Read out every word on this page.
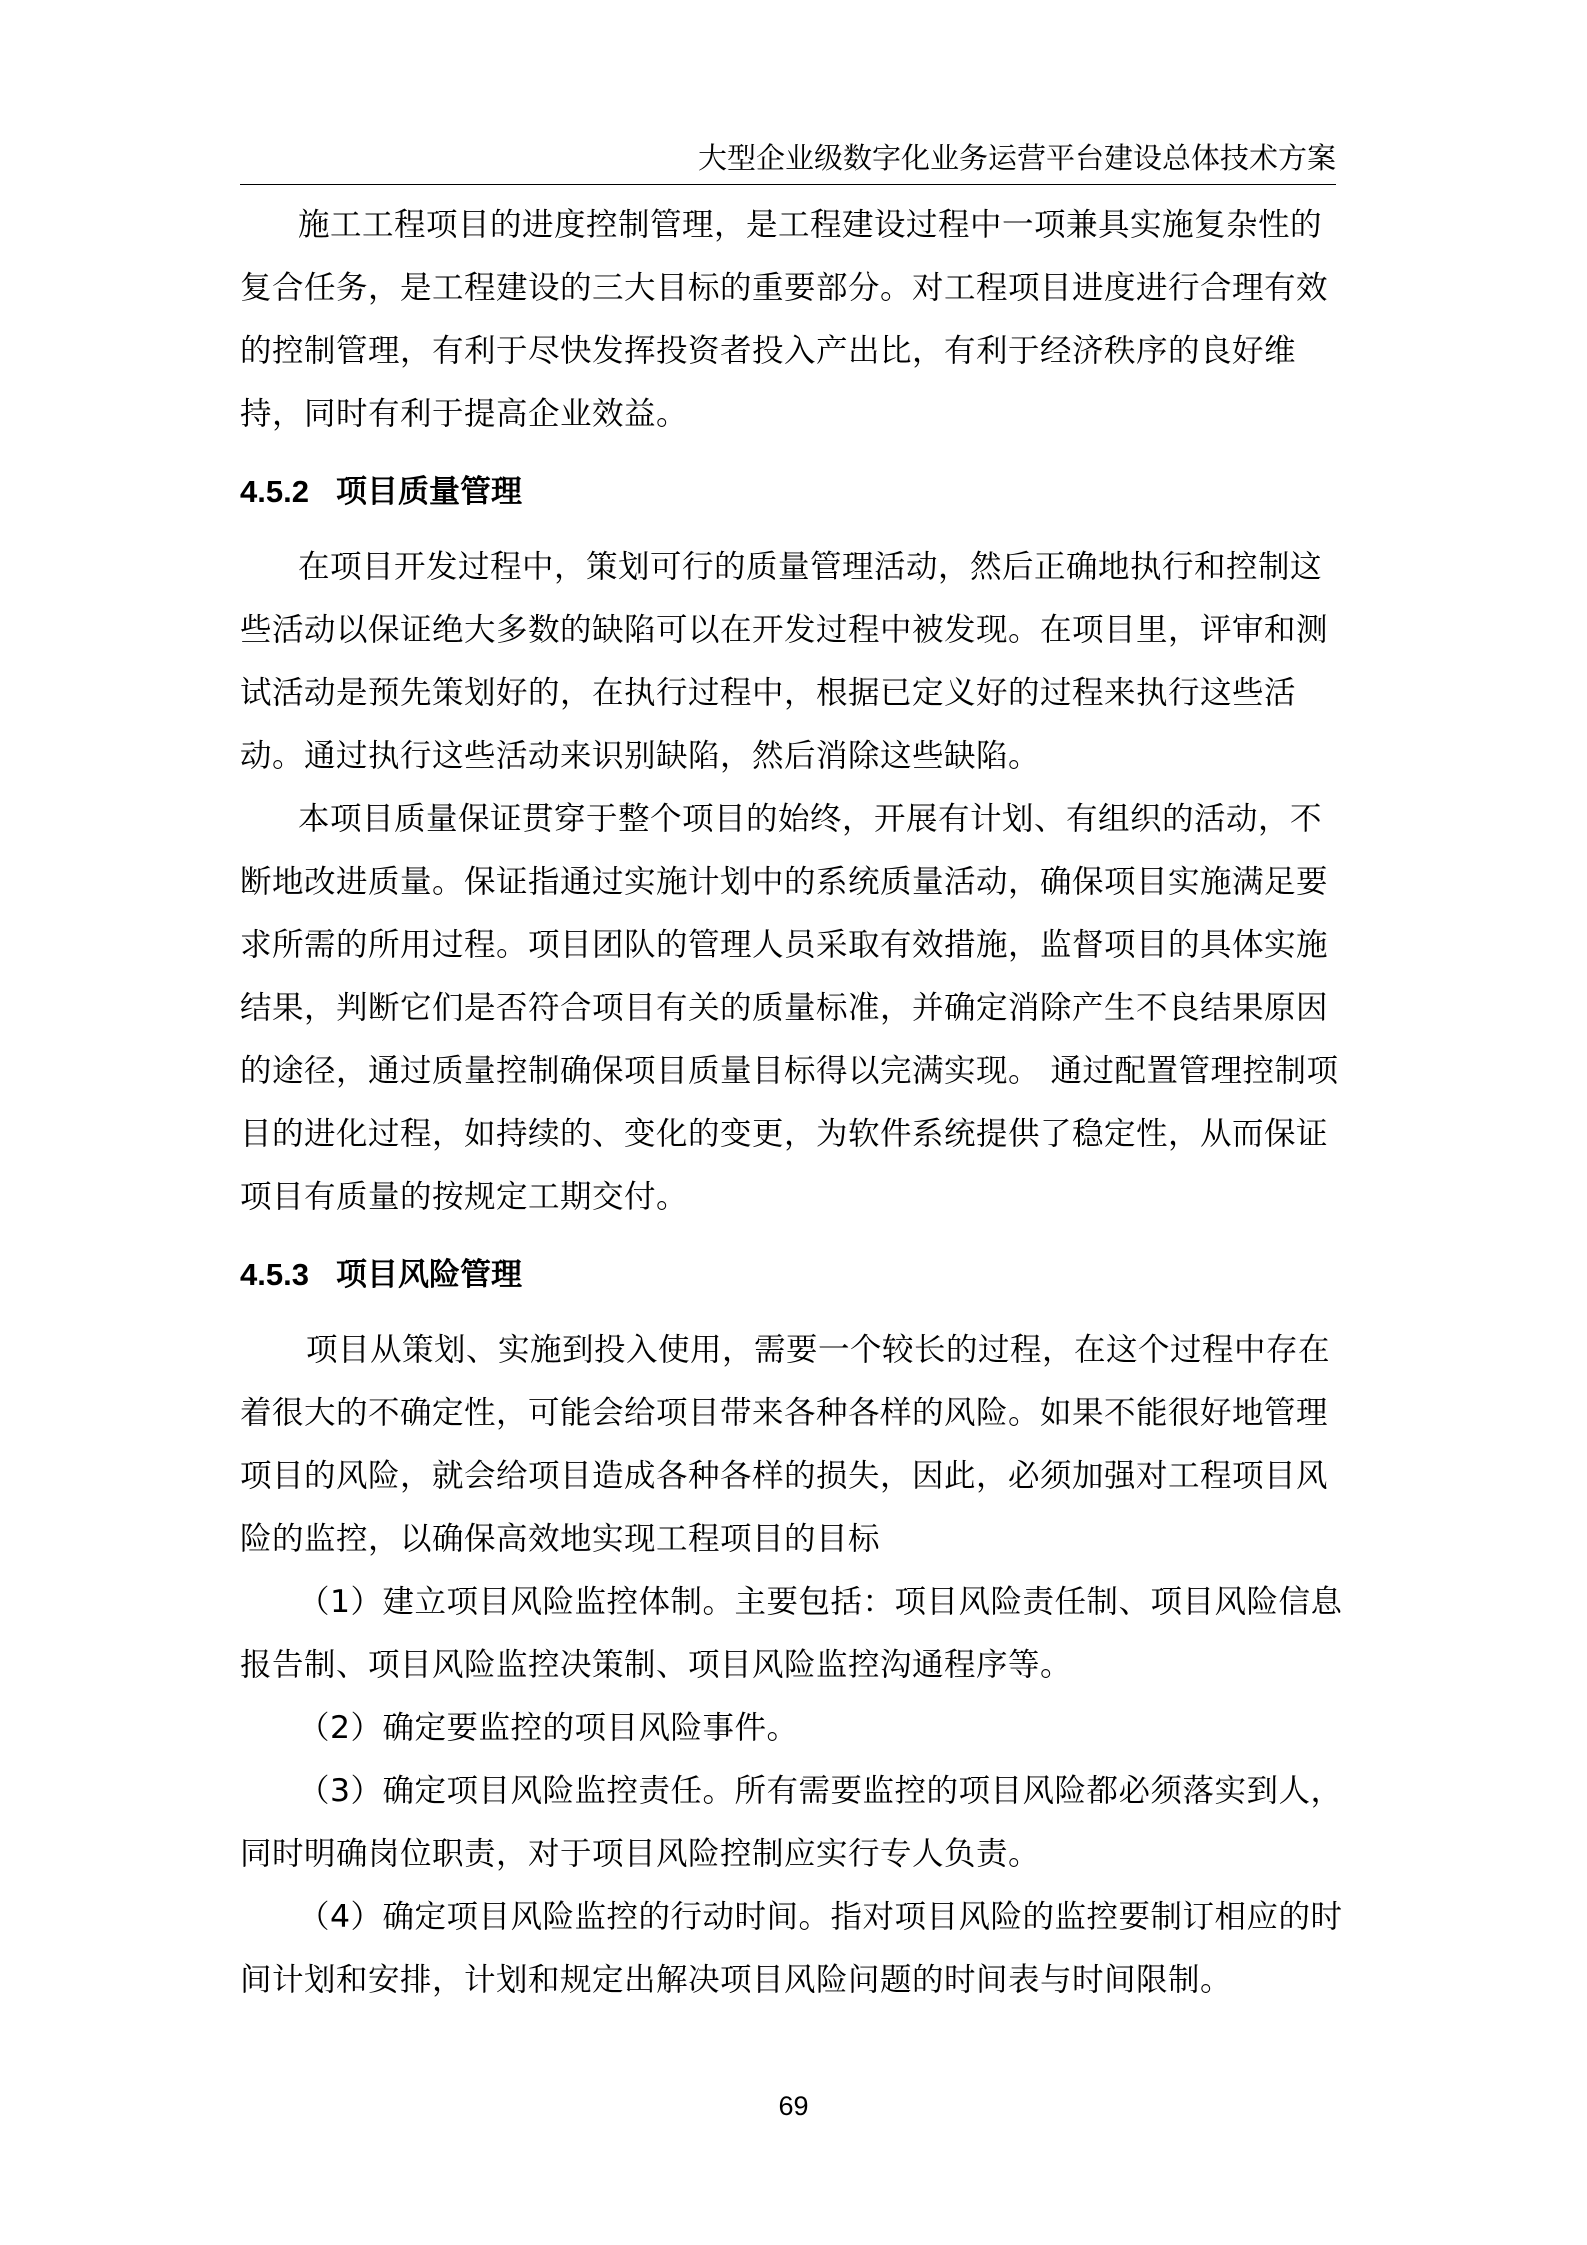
大型企业级数字化业务运营平台建设总体技术方案

施工工程项目的进度控制管理，是工程建设过程中一项兼具实施复杂性的复合任务，是工程建设的三大目标的重要部分。对工程项目进度进行合理有效的控制管理，有利于尽快发挥投资者投入产出比，有利于经济秩序的良好维持，同时有利于提高企业效益。

4.5.2 项目质量管理

在项目开发过程中，策划可行的质量管理活动，然后正确地执行和控制这些活动以保证绝大多数的缺陷可以在开发过程中被发现。在项目里，评审和测试活动是预先策划好的，在执行过程中，根据已定义好的过程来执行这些活动。通过执行这些活动来识别缺陷，然后消除这些缺陷。

本项目质量保证贯穿于整个项目的始终，开展有计划、有组织的活动，不断地改进质量。保证指通过实施计划中的系统质量活动，确保项目实施满足要求所需的所用过程。项目团队的管理人员采取有效措施，监督项目的具体实施结果，判断它们是否符合项目有关的质量标准，并确定消除产生不良结果原因的途径，通过质量控制确保项目质量目标得以完满实现。 通过配置管理控制项目的进化过程，如持续的、变化的变更，为软件系统提供了稳定性，从而保证项目有质量的按规定工期交付。

4.5.3 项目风险管理

项目从策划、实施到投入使用，需要一个较长的过程，在这个过程中存在着很大的不确定性，可能会给项目带来各种各样的风险。如果不能很好地管理项目的风险，就会给项目造成各种各样的损失，因此，必须加强对工程项目风险的监控，以确保高效地实现工程项目的目标

（1）建立项目风险监控体制。主要包括：项目风险责任制、项目风险信息报告制、项目风险监控决策制、项目风险监控沟通程序等。

（2）确定要监控的项目风险事件。

（3）确定项目风险监控责任。所有需要监控的项目风险都必须落实到人，同时明确岗位职责，对于项目风险控制应实行专人负责。

（4）确定项目风险监控的行动时间。指对项目风险的监控要制订相应的时间计划和安排，计划和规定出解决项目风险问题的时间表与时间限制。

69
